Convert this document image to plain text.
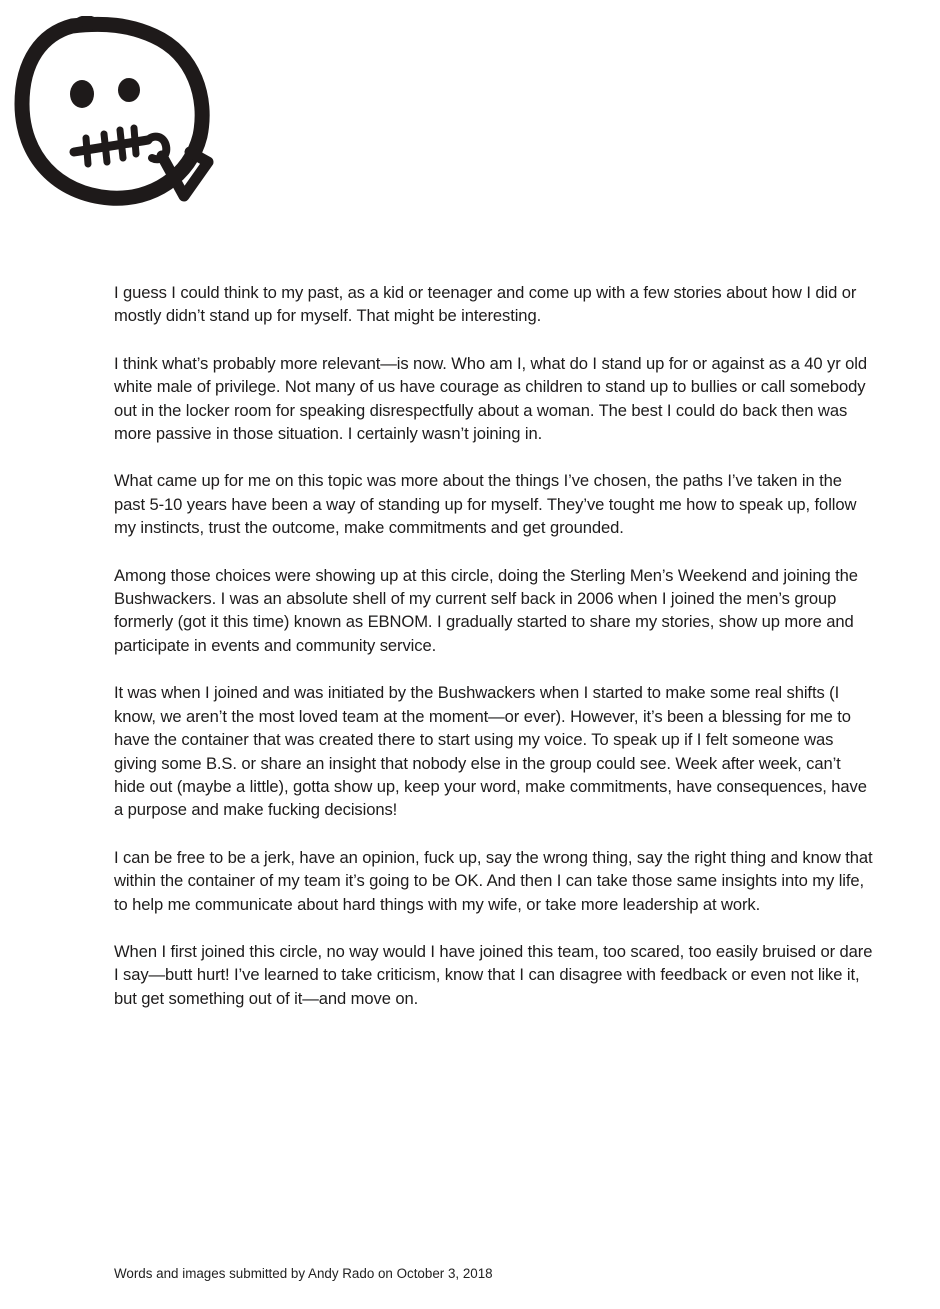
I guess I could think to my past, as a kid or teenager and come up with a few stories about how I did or mostly didn’t stand up for myself. That might be interesting.

I think what’s probably more relevant—is now. Who am I, what do I stand up for or against as a 40 yr old white male of privilege. Not many of us have courage as children to stand up to bullies or call somebody out in the locker room for speaking disrespectfully about a woman. The best I could do back then was more passive in those situation. I certainly wasn’t joining in.

What came up for me on this topic was more about the things I’ve chosen, the paths I’ve taken in the past 5-10 years have been a way of standing up for myself. They’ve tought me how to speak up, follow my instincts, trust the outcome, make commitments and get grounded.

Among those choices were showing up at this circle, doing the Sterling Men’s Weekend and joining the Bushwackers. I was an absolute shell of my current self back in 2006 when I joined the men’s group formerly (got it this time) known as EBNOM. I gradually started to share my stories, show up more and participate in events and community service.

It was when I joined and was initiated by the Bushwackers when I started to make some real shifts (I know, we aren’t the most loved team at the moment—or ever). However, it’s been a blessing for me to have the container that was created there to start using my voice. To speak up if I felt someone was giving some B.S. or share an insight that nobody else in the group could see. Week after week, can’t hide out (maybe a little), gotta show up, keep your word, make commitments, have consequences, have a purpose and make fucking decisions!

I can be free to be a jerk, have an opinion, fuck up, say the wrong thing, say the right thing and know that within the container of my team it’s going to be OK. And then I can take those same insights into my life, to help me communicate about hard things with my wife, or take more leadership at work.

When I first joined this circle, no way would I have joined this team, too scared, too easily bruised or dare I say—butt hurt! I’ve learned to take criticism, know that I can disagree with feedback or even not like it, but get something out of it—and move on.

Words and images submitted by Andy Rado on October 3, 2018
